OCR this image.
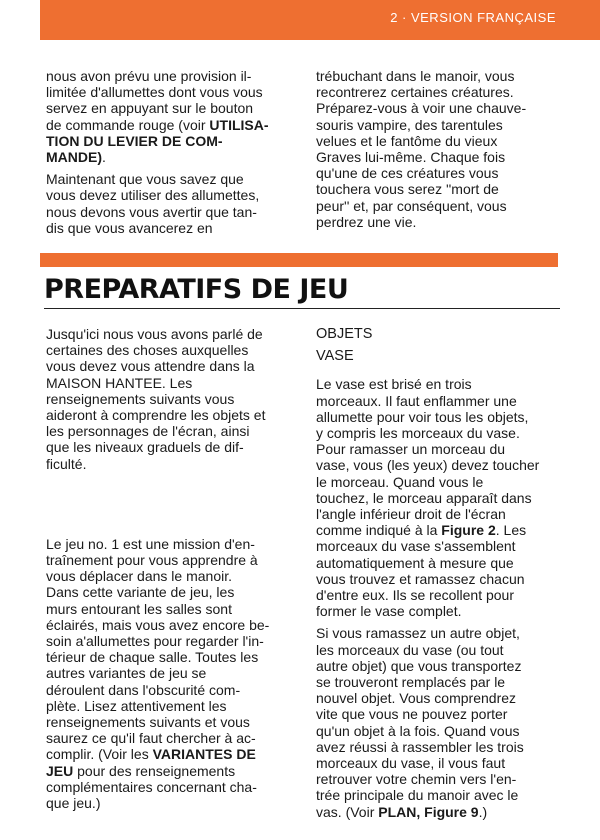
2 · VERSION FRANÇAISE

nous avon prévu une provision il-
limitée d'allumettes dont vous vous
servez en appuyant sur le bouton
de commande rouge (voir UTILISA-
TION DU LEVIER DE COM-
MANDE).

Maintenant que vous savez que
vous devez utiliser des allumettes,
nous devons vous avertir que tan-
dis que vous avancerez en

trébuchant dans le manoir, vous
recontrerez certaines créatures.
Préparez-vous à voir une chauve-
souris vampire, des tarentules
velues et le fantôme du vieux
Graves lui-même. Chaque fois
qu'une de ces créatures vous
touchera vous serez ''mort de
peur'' et, par conséquent, vous
perdrez une vie.

PREPARATIFS DE JEU

Jusqu'ici nous vous avons parlé de
certaines des choses auxquelles
vous devez vous attendre dans la
MAISON HANTEE. Les
renseignements suivants vous
aideront à comprendre les objets et
les personnages de l'écran, ainsi
que les niveaux graduels de dif-
ficulté.

Le jeu no. 1 est une mission d'en-
traînement pour vous apprendre à
vous déplacer dans le manoir.
Dans cette variante de jeu, les
murs entourant les salles sont
éclairés, mais vous avez encore be-
soin a'allumettes pour regarder l'in-
térieur de chaque salle. Toutes les
autres variantes de jeu se
déroulent dans l'obscurité com-
plète. Lisez attentivement les
renseignements suivants et vous
saurez ce qu'il faut chercher à ac-
complir. (Voir les VARIANTES DE
JEU pour des renseignements
complémentaires concernant cha-
que jeu.)

OBJETS

VASE

Le vase est brisé en trois
morceaux. Il faut enflammer une
allumette pour voir tous les objets,
y compris les morceaux du vase.
Pour ramasser un morceau du
vase, vous (les yeux) devez toucher
le morceau. Quand vous le
touchez, le morceau apparaît dans
l'angle inférieur droit de l'écran
comme indiqué à la Figure 2. Les
morceaux du vase s'assemblent
automatiquement à mesure que
vous trouvez et ramassez chacun
d'entre eux. Ils se recollent pour
former le vase complet.

Si vous ramassez un autre objet,
les morceaux du vase (ou tout
autre objet) que vous transportez
se trouveront remplacés par le
nouvel objet. Vous comprendrez
vite que vous ne pouvez porter
qu'un objet à la fois. Quand vous
avez réussi à rassembler les trois
morceaux du vase, il vous faut
retrouver votre chemin vers l'en-
trée principale du manoir avec le
vas. (Voir PLAN, Figure 9.)
